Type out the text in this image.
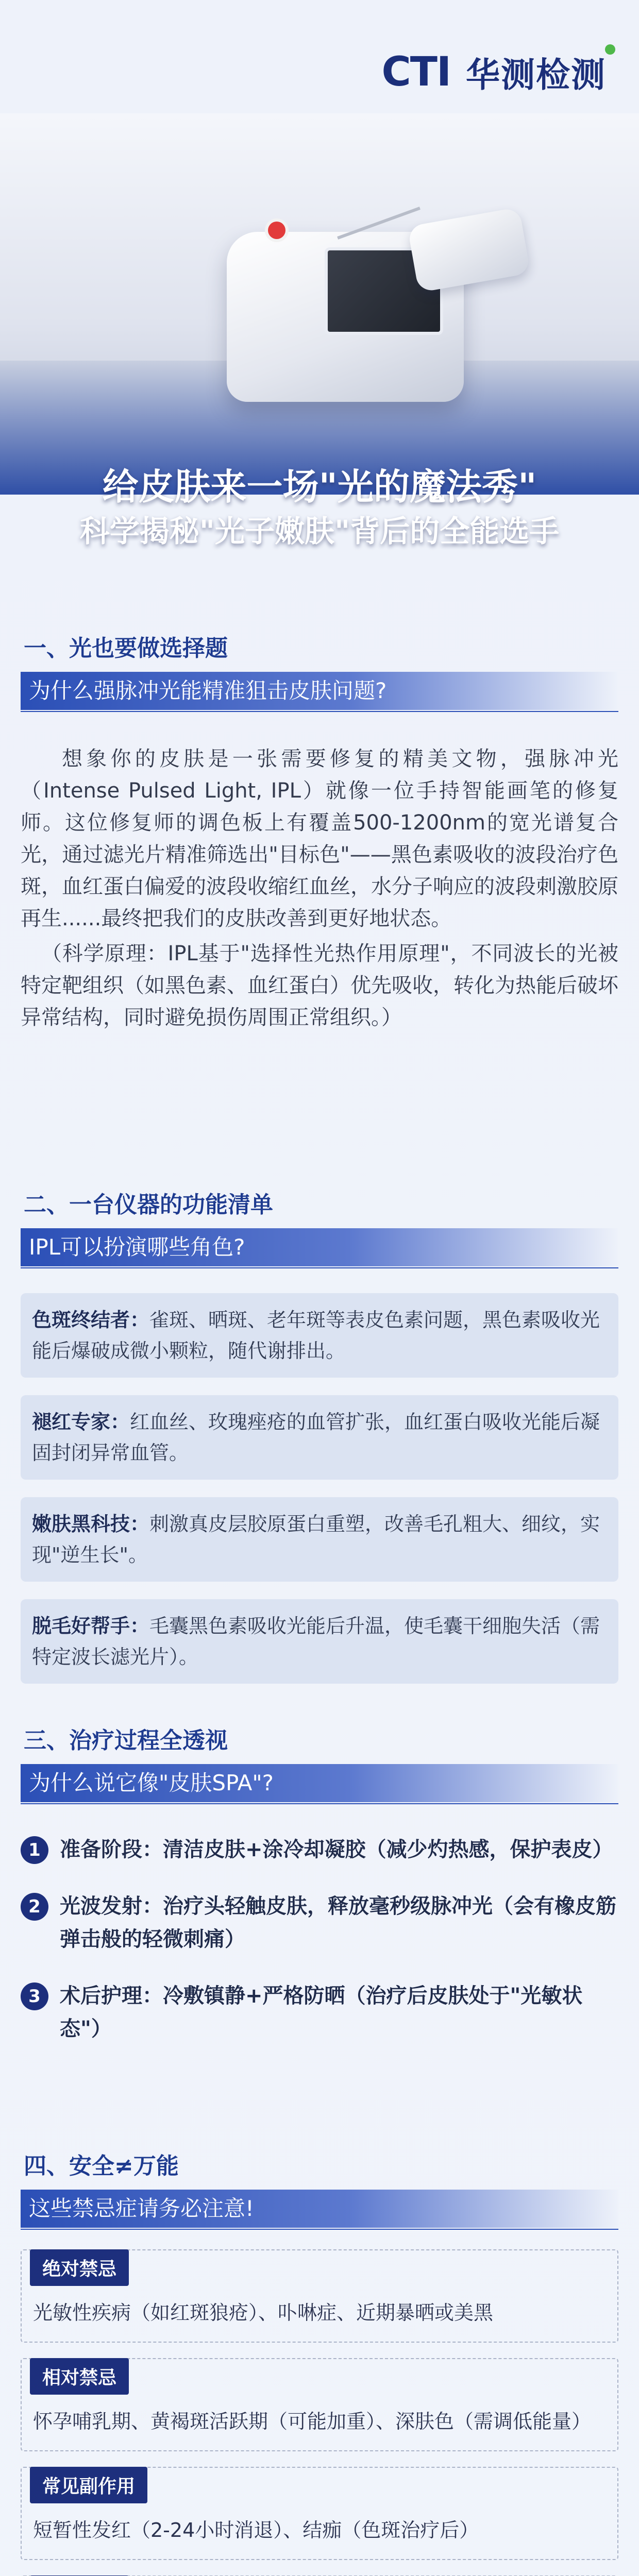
CTI 华测检测
给皮肤来一场"光的魔法秀"
科学揭秘"光子嫩肤"背后的全能选手
一、光也要做选择题
为什么强脉冲光能精准狙击皮肤问题?

想象你的皮肤是一张需要修复的精美文物，强脉冲光（Intense Pulsed Light, IPL）就像一位手持智能画笔的修复师。这位修复师的调色板上有覆盖500-1200nm的宽光谱复合光，通过滤光片精准筛选出"目标色"——黑色素吸收的波段治疗色斑，血红蛋白偏爱的波段收缩红血丝，水分子响应的波段刺激胶原再生......最终把我们的皮肤改善到更好地状态。

（科学原理：IPL基于"选择性光热作用原理"，不同波长的光被特定靶组织（如黑色素、血红蛋白）优先吸收，转化为热能后破坏异常结构，同时避免损伤周围正常组织。）

二、一台仪器的功能清单
IPL可以扮演哪些角色?
色斑终结者：雀斑、晒斑、老年斑等表皮色素问题，黑色素吸收光能后爆破成微小颗粒，随代谢排出。
褪红专家：红血丝、玫瑰痤疮的血管扩张，血红蛋白吸收光能后凝固封闭异常血管。
嫩肤黑科技：刺激真皮层胶原蛋白重塑，改善毛孔粗大、细纹，实现"逆生长"。
脱毛好帮手：毛囊黑色素吸收光能后升温，使毛囊干细胞失活（需特定波长滤光片）。
三、治疗过程全透视
为什么说它像"皮肤SPA"?
1 准备阶段：清洁皮肤+涂冷却凝胶（减少灼热感，保护表皮）
2 光波发射：治疗头轻触皮肤，释放毫秒级脉冲光（会有橡皮筋弹击般的轻微刺痛）
3 术后护理：冷敷镇静+严格防晒（治疗后皮肤处于"光敏状态"）
四、安全≠万能
这些禁忌症请务必注意!
绝对禁忌
光敏性疾病（如红斑狼疮）、卟啉症、近期暴晒或美黑
相对禁忌
怀孕哺乳期、黄褐斑活跃期（可能加重）、深肤色（需调低能量）
常见副作用
短暂性发红（2-24小时消退）、结痂（色斑治疗后）
